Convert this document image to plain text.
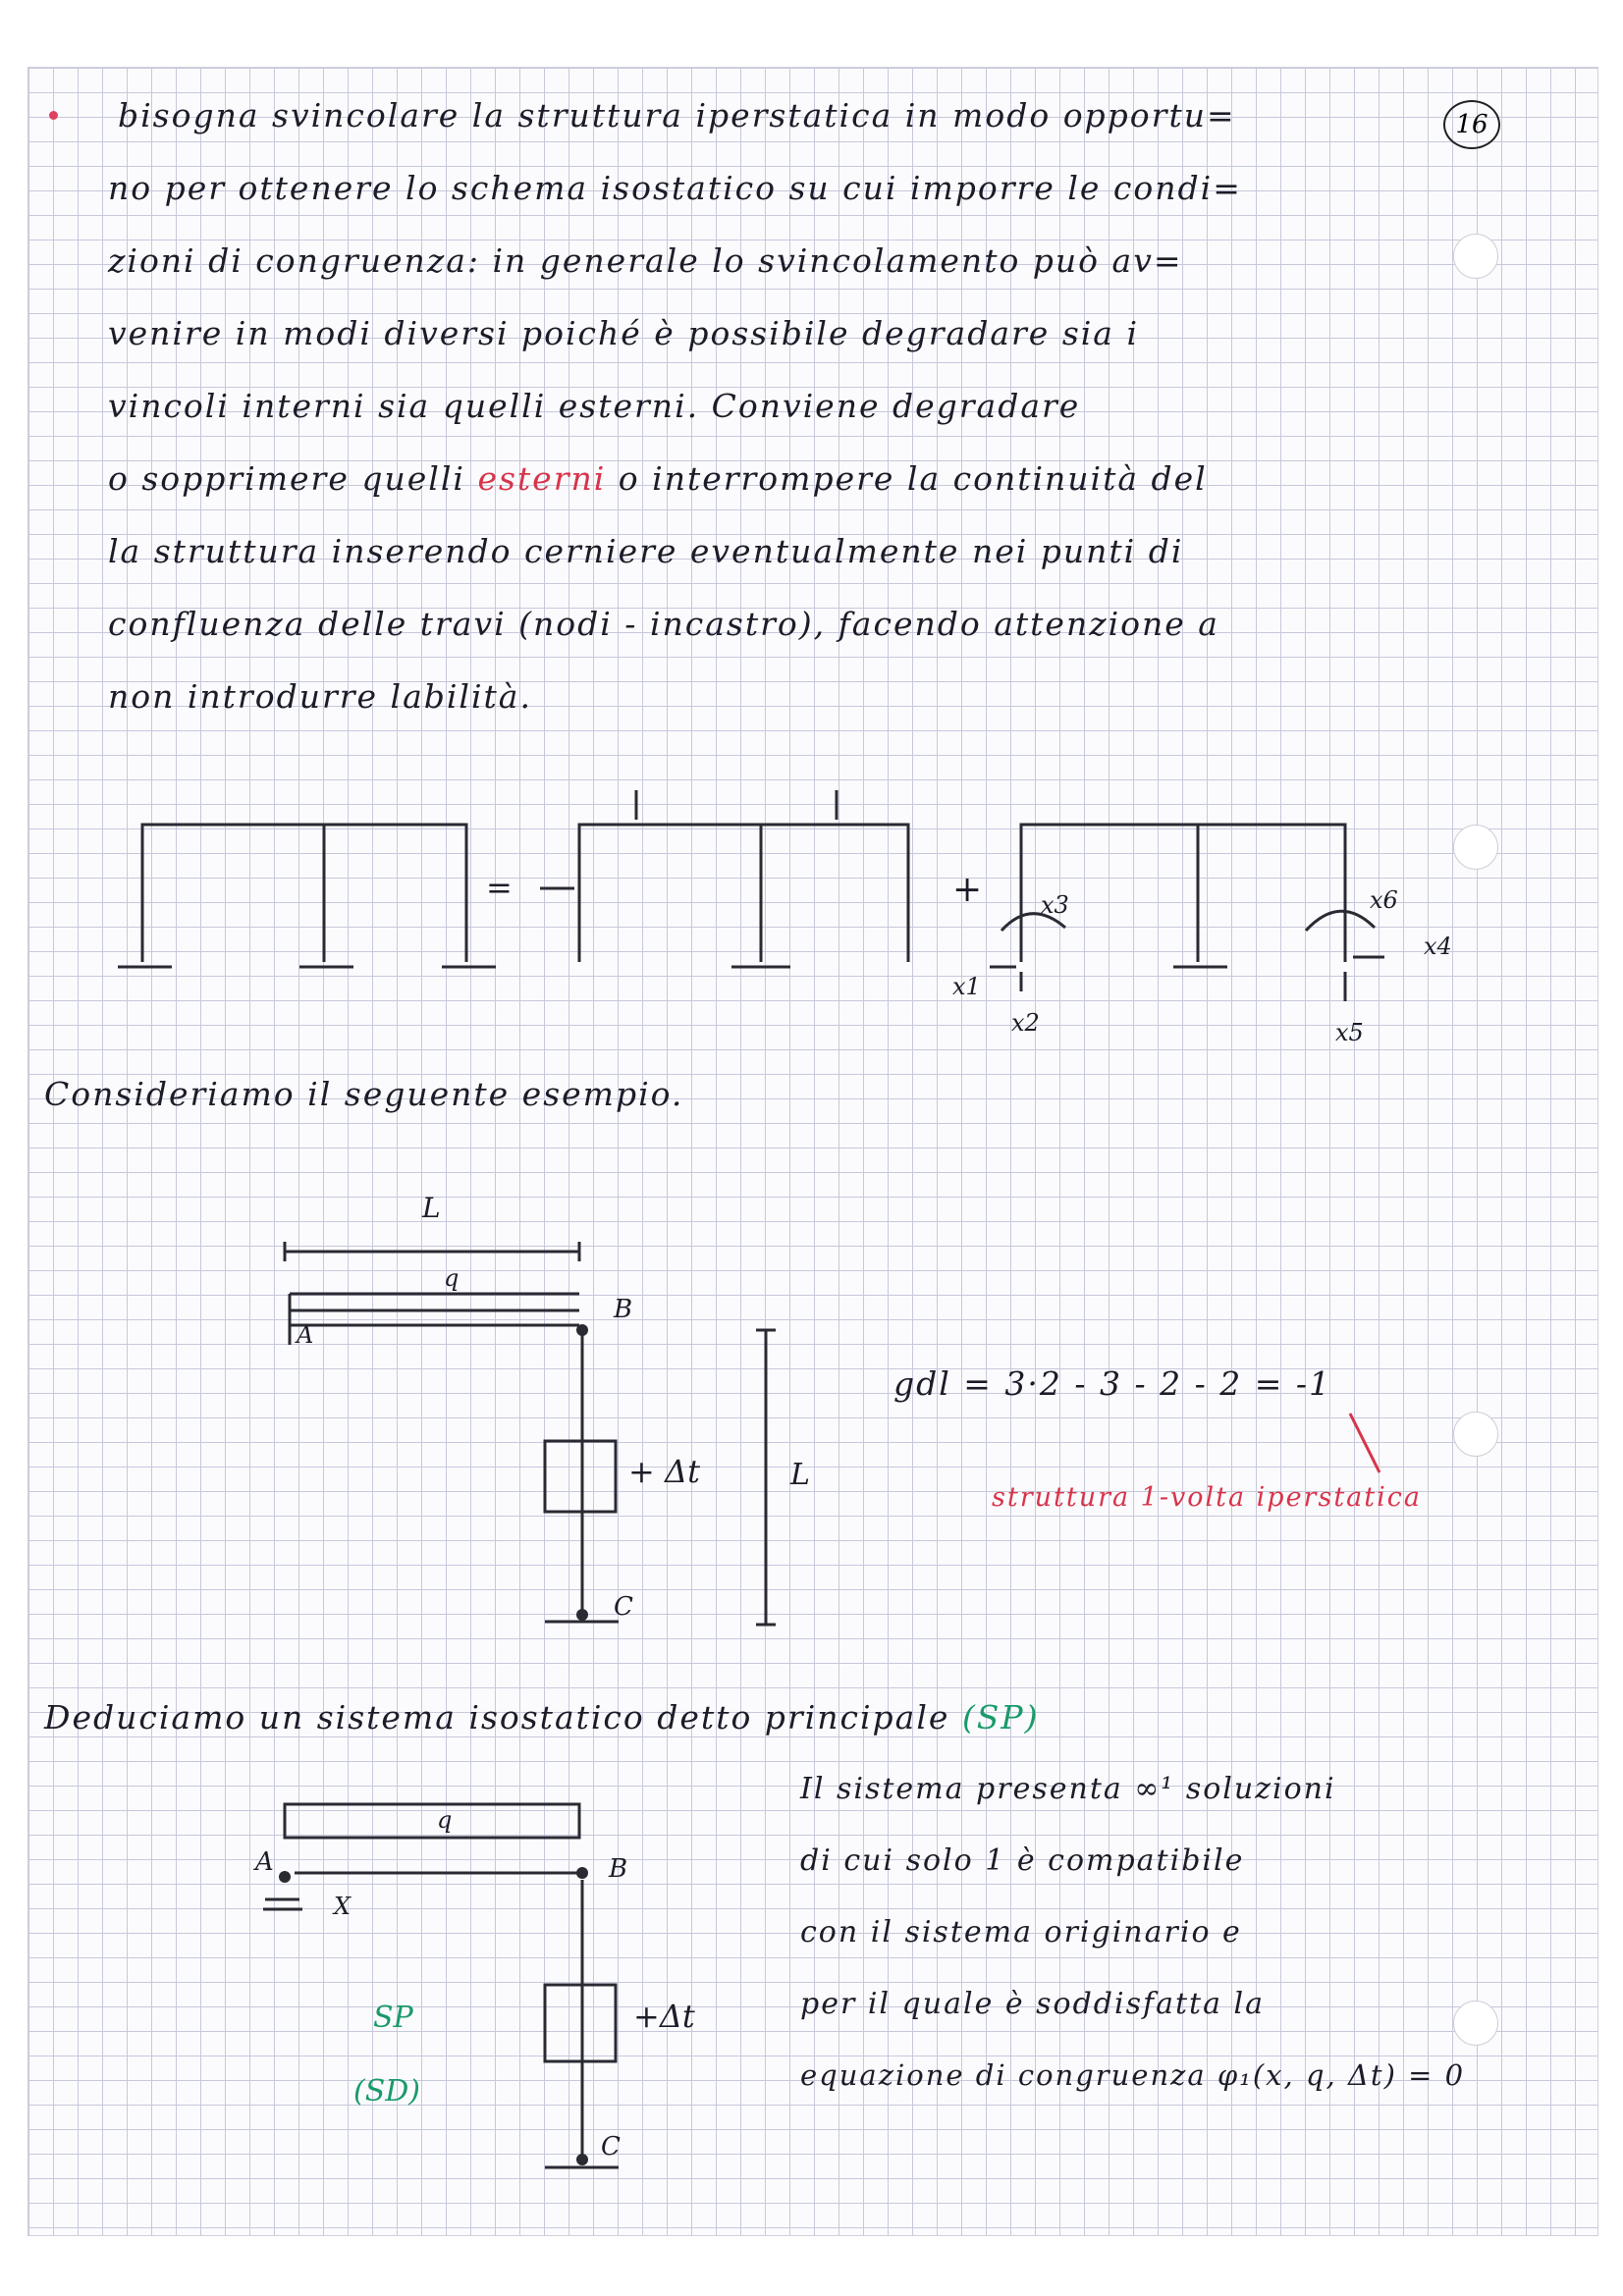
16
bisogna svincolare la struttura iperstatica in modo opportu=
no per ottenere lo schema isostatico su cui imporre le condi=
zioni di congruenza: in generale lo svincolamento può av=
venire in modi diversi poiché è possibile degradare sia i
vincoli interni sia quelli esterni. Conviene degradare
o sopprimere quelli esterni o interrompere la continuità del
la struttura inserendo cerniere eventualmente nei punti di
confluenza delle travi (nodi - incastro), facendo attenzione a
non introdurre labilità.
=	+ x3	x6
x4
x1
x2	x5
L
q
A
B
C
+ Δt	L
q
A	B
C
X
+Δt
SP
(SD)
Consideriamo il seguente esempio.
gdl = 3·2 - 3 - 2 - 2 = -1
struttura 1-volta iperstatica
Deduciamo un sistema isostatico detto principale (SP)
Il sistema presenta ∞¹ soluzioni
di cui solo 1 è compatibile
con il sistema originario e
per il quale è soddisfatta la
equazione di congruenza φ₁(x, q, Δt) = 0
